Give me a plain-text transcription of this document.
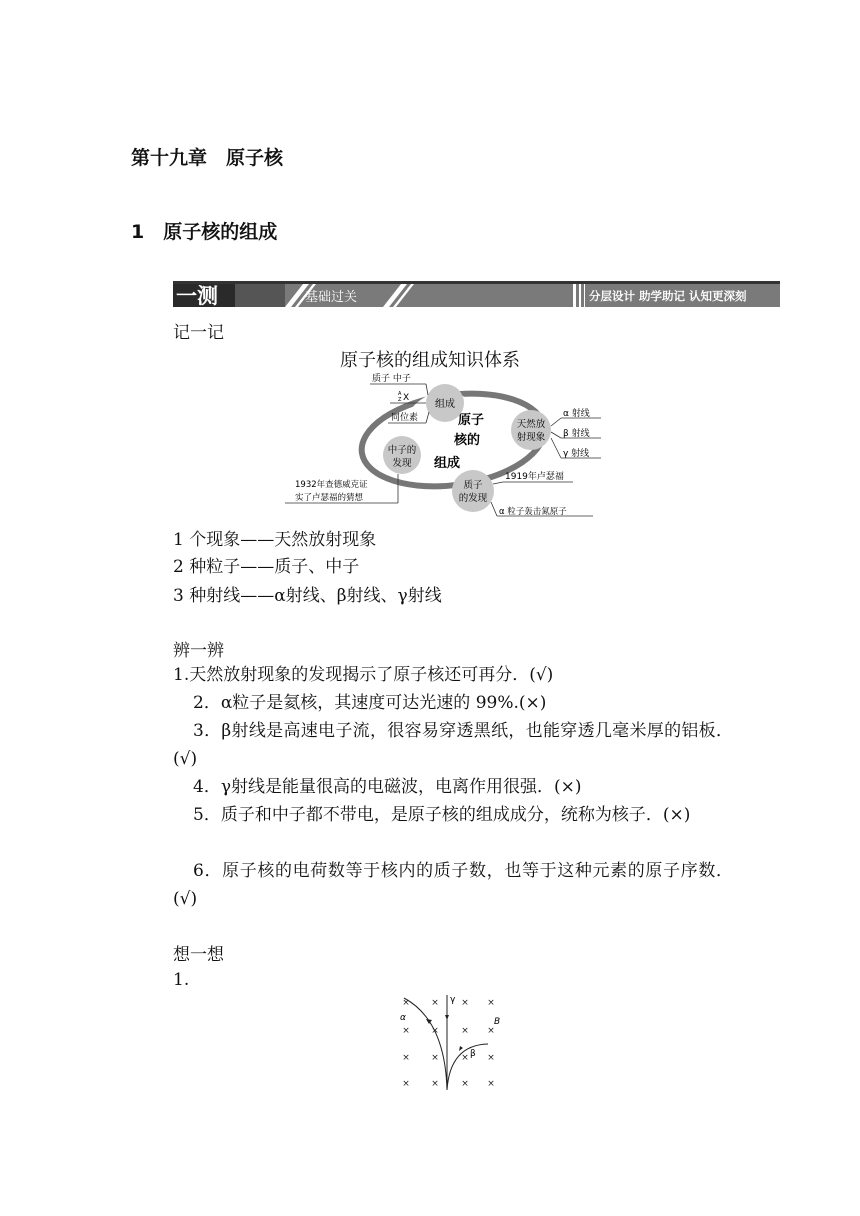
第十九章　原子核
1　原子核的组成
一测	基础过关	分层设计 助学助记 认知更深刻
记一记
原子核的组成知识体系
原子
核的
组成
组成
质子 中子
X
A
Z
同位素
天然放
射现象
α 射线
β 射线
γ 射线
中子的
发现
1932年查德威克证
实了卢瑟福的猜想
质子
的发现
1919年卢瑟福
α 粒子轰击氮原子
1 个现象——天然放射现象
2 种粒子——质子、中子
3 种射线——α射线、β射线、γ射线
辨一辨
1.天然放射现象的发现揭示了原子核还可再分．(√)
2．α粒子是氦核，其速度可达光速的 99%.(×)
3．β射线是高速电子流，很容易穿透黑纸，也能穿透几毫米厚的铝板．(√)
4．γ射线是能量很高的电磁波，电离作用很强．(×)
5．质子和中子都不带电，是原子核的组成成分，统称为核子．(×)
6．原子核的电荷数等于核内的质子数，也等于这种元素的原子序数．(√)
想一想
1.
× × × ×
× × × ×
× × × ×
× × × ×
α
γ
β
B
